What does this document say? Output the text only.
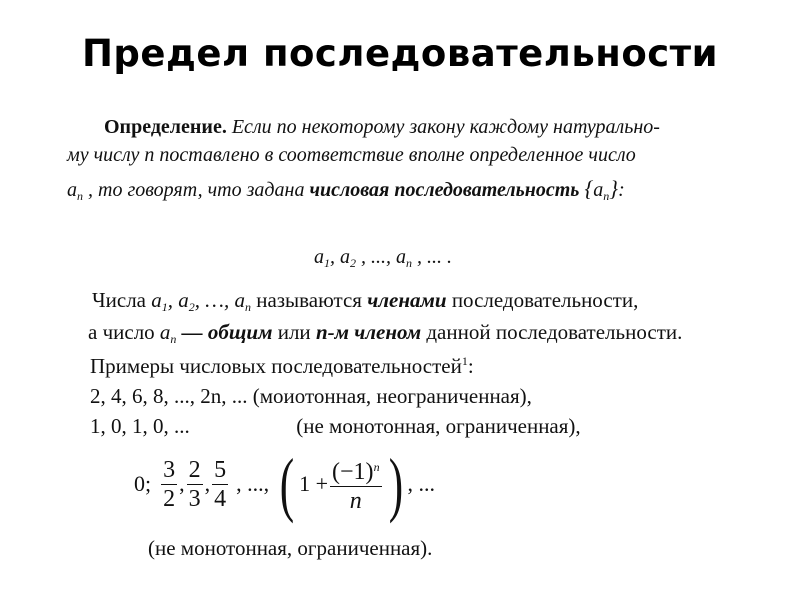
Предел последовательности
Определение. Если по некоторому закону каждому натурально-
му числу n поставлено в соответствие вполне определенное число
$a_n$ , то говорят, что задана числовая последовательность $\{a_n\}$:
$a_1$, $a_2$ , ..., $a_n$ , ... .
Числа $a_1$, $a_2$, …, $a_n$ называются членами последовательности,
а число $a_n$ — общим или n-м членом данной последовательности.
Примеры числовых последовательностей$^1$:
2, 4, 6, 8, ..., 2n, ... (моиотонная, неограниченная),
1, 0, 1, 0, ...	(не монотонная, ограниченная),
0; $\frac{3}{2}$ , $\frac{2}{3}$ , $\frac{5}{4}$ , ..., ( $1 + \frac{(-1)^n}{n}$ ) , ...
(не монотонная, ограниченная).
